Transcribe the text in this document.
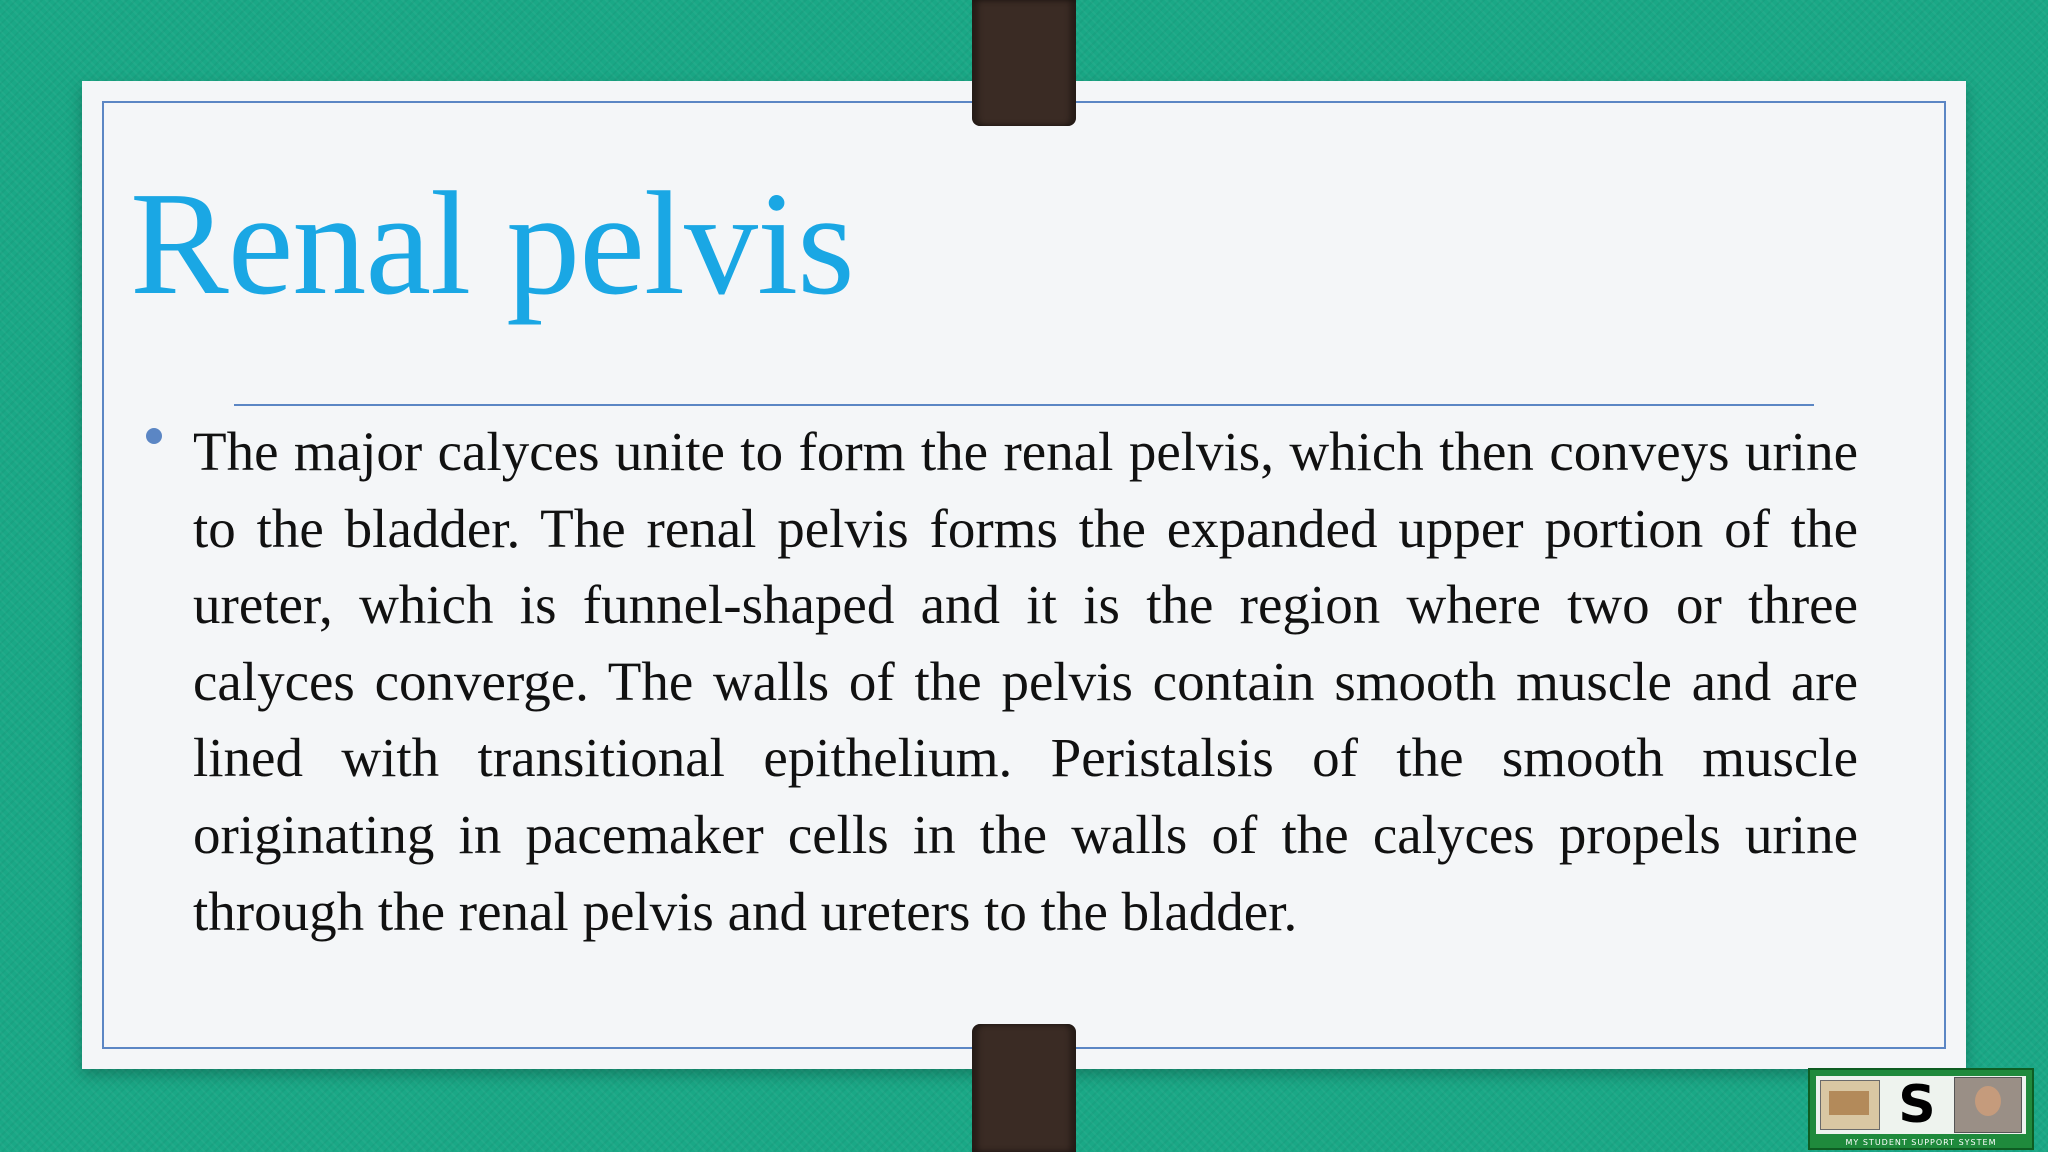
Renal pelvis

The major calyces unite to form the renal pelvis, which then conveys urine to the bladder. The renal pelvis forms the expanded upper portion of the ureter, which is funnel-shaped and it is the region where two or three calyces converge. The walls of the pelvis contain smooth muscle and are lined with transitional epithelium. Peristalsis of the smooth muscle originating in pacemaker cells in the walls of the calyces propels urine through the renal pelvis and ureters to the bladder.

S
MY STUDENT SUPPORT SYSTEM
